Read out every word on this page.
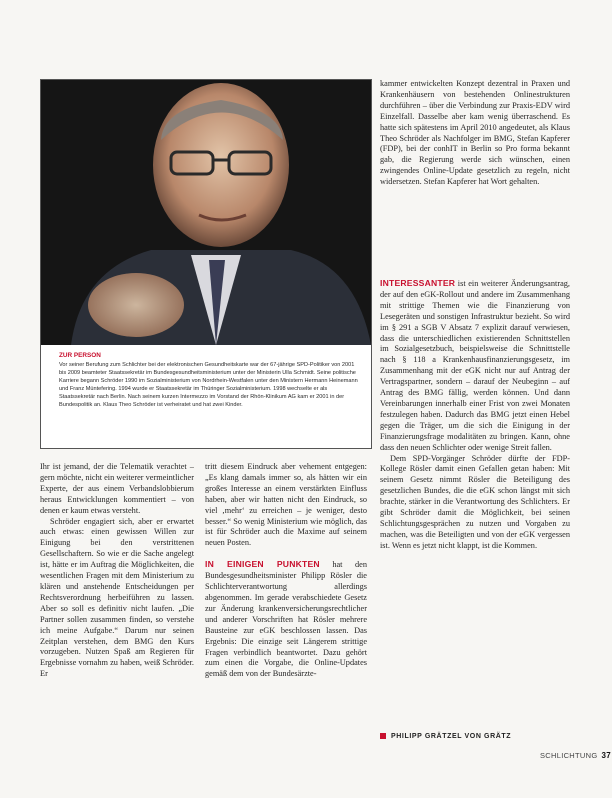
ZUR PERSON
Vor seiner Berufung zum Schlichter bei der elektronischen Gesundheitskarte war der 67-jährige SPD-Politiker von 2001 bis 2009 beamteter Staatssekretär im Bundesgesundheitsministerium unter der Ministerin Ulla Schmidt. Seine politische Karriere begann Schröder 1990 im Sozialministerium von Nordrhein-Westfalen unter den Ministern Hermann Heinemann und Franz Müntefering. 1994 wurde er Staatssekretär im Thüringer Sozialministerium. 1998 wechselte er als Staatssekretär nach Berlin. Nach seinem kurzen Intermezzo im Vorstand der Rhön-Klinikum AG kam er 2001 in der Bundespolitik an. Klaus Theo Schröder ist verheiratet und hat zwei Kinder.

Ihr ist jemand, der die Telematik verachtet – gern möchte, nicht ein weiterer vermeintlicher Experte, der aus einem Verbandslobbierum heraus Entwicklungen kommentiert – von denen er kaum etwas versteht.

Schröder engagiert sich, aber er erwartet auch etwas: einen gewissen Willen zur Einigung bei den verstrittenen Gesellschaftern. So wie er die Sache angelegt ist, hätte er im Auftrag die Möglichkeiten, die wesentlichen Fragen mit dem Ministerium zu klären und anstehende Entscheidungen per Rechtsverordnung herbeiführen zu lassen. Aber so soll es definitiv nicht laufen. „Die Partner sollen zusammen finden, so verstehe ich meine Aufgabe.“ Darum nur seinen Zeitplan verstehen, dem BMG den Kurs vorzugeben. Nutzen Spaß am Regieren für Ergebnisse vornahm zu haben, weiß Schröder. Er

tritt diesem Eindruck aber vehement entgegen: „Es klang damals immer so, als hätten wir ein großes Interesse an einem verstärkten Einfluss haben, aber wir hatten nicht den Eindruck, so viel ‚mehr‘ zu erreichen – je weniger, desto besser.“ So wenig Ministerium wie möglich, das ist für Schröder auch die Maxime auf seinem neuen Posten.

IN EINIGEN PUNKTEN hat den Bundesgesundheitsminister Philipp Rösler die Schlichterverantwortung allerdings abgenommen. Im gerade verabschiedete Gesetz zur Änderung krankenversicherungsrechtlicher und anderer Vorschriften hat Rösler mehrere Bausteine zur eGK beschlossen lassen. Das Ergebnis: Die einzige seit Längerem strittige Fragen verbindlich beantwortet. Dazu gehört zum einen die Vorgabe, die Online-Updates gemäß dem von der Bundesärzte-

kammer entwickelten Konzept dezentral in Praxen und Krankenhäusern von bestehenden Onlinestrukturen durchführen – über die Verbindung zur Praxis-EDV wird Einzelfall. Dasselbe aber kam wenig überraschend. Es hatte sich spätestens im April 2010 angedeutet, als Klaus Theo Schröder als Nachfolger im BMG, Stefan Kapferer (FDP), bei der conhIT in Berlin so Pro forma bekannt gab, die Regierung werde sich wünschen, einen zwingendes Online-Update gesetzlich zu regeln, nicht widersetzen. Stefan Kapferer hat Wort gehalten.

INTERESSANTER ist ein weiterer Änderungsantrag, der auf den eGK-Rollout und andere im Zusammenhang mit strittige Themen wie die Finanzierung von Lesegeräten und sonstigen Infrastruktur bezieht. So wird im § 291 a SGB V Absatz 7 explizit darauf verwiesen, dass die unterschiedlichen existierenden Schnittstellen im Sozialgesetzbuch, beispielsweise die Schnittstelle nach § 118 a Krankenhausfinanzierungsgesetz, im Zusammenhang mit der eGK nicht nur auf Antrag der Vertragspartner, sondern – darauf der Neubeginn – auf Antrag des BMG fällig, werden können. Und dann Vereinbarungen innerhalb einer Frist von zwei Monaten festzulegen haben. Dadurch das BMG jetzt einen Hebel gegen die Träger, um die sich die Einigung in der Finanzierungsfrage modalitäten zu bringen. Kann, ohne dass den neuen Schlichter oder wenige Streit fallen.

Dem SPD-Vorgänger Schröder dürfte der FDP-Kollege Rösler damit einen Gefallen getan haben: Mit seinem Gesetz nimmt Rösler die Beteiligung des gesetzlichen Bundes, die die eGK schon längst mit sich brachte, stärker in die Verantwortung des Schlichters. Er gibt Schröder damit die Möglichkeit, bei seinen Schlichtungsgesprächen zu nutzen und Vorgaben zu machen, was die Beteiligten und von der eGK vergessen ist. Wenn es jetzt nicht klappt, ist die Kommen.

PHILIPP GRÄTZEL VON GRÄTZ
SCHLICHTUNG 37
